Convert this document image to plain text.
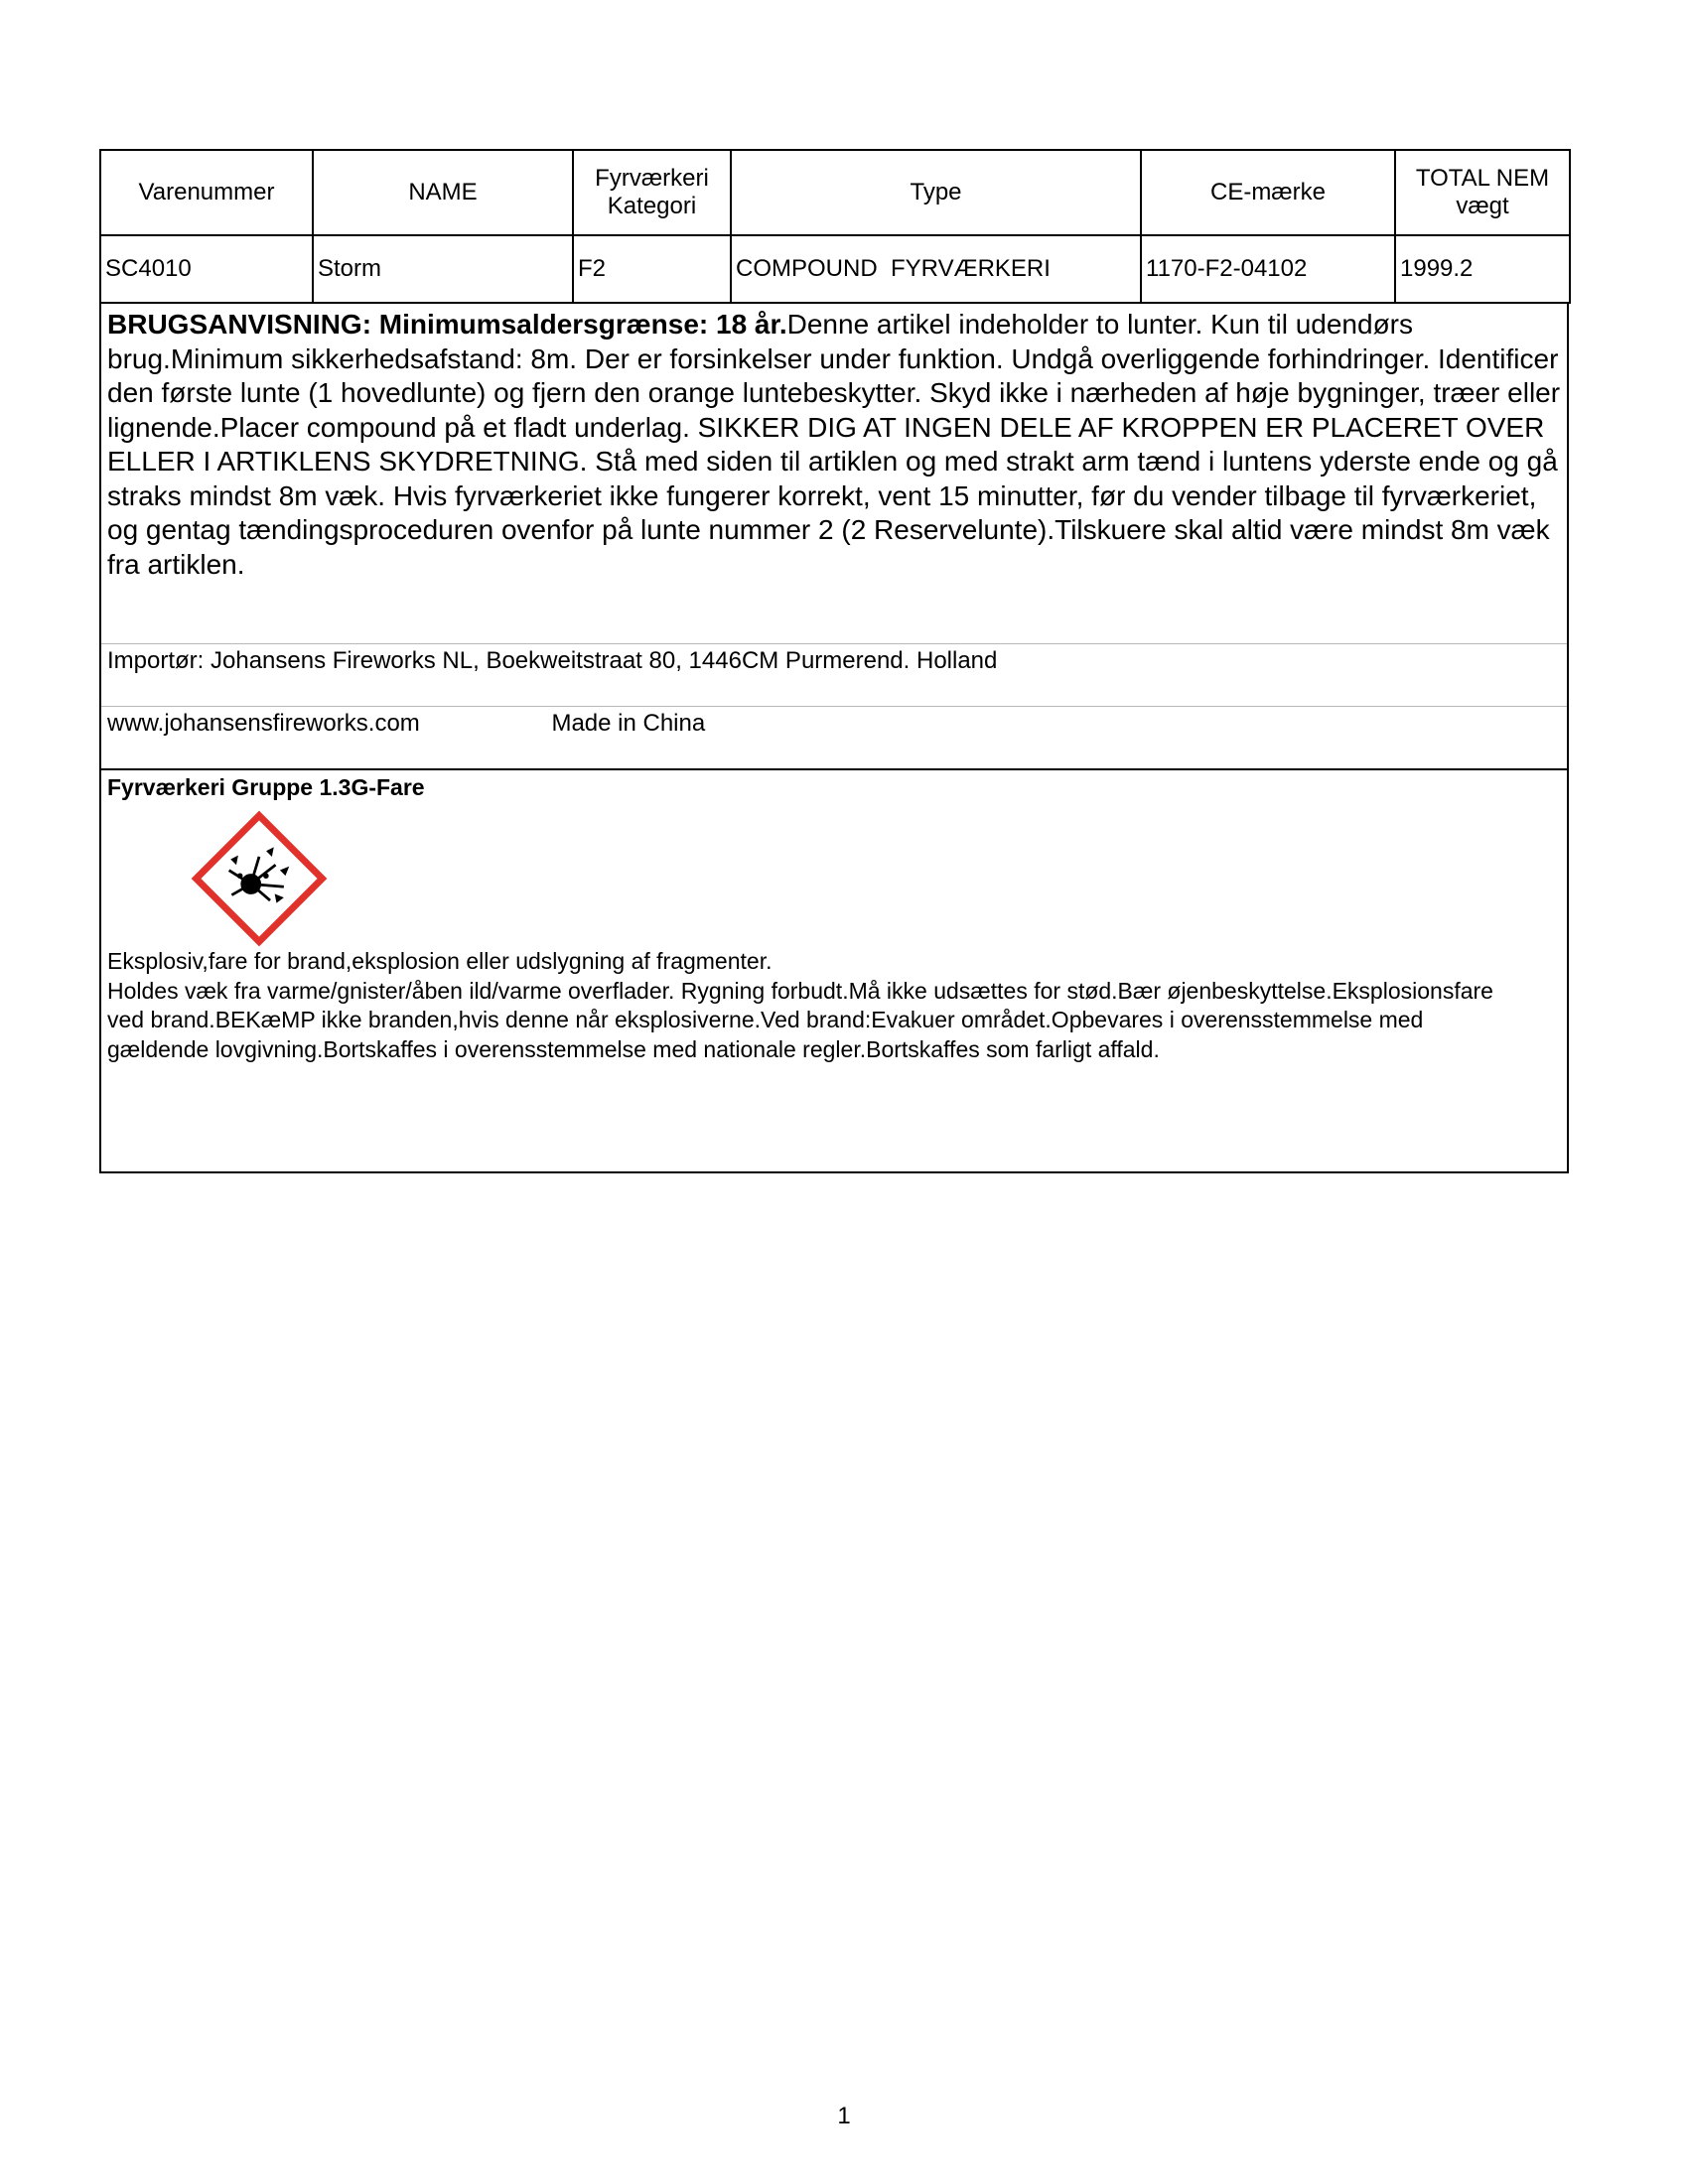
Varenummer	NAME	Fyrværkeri Kategori	Type	CE-mærke	TOTAL NEM vægt
SC4010	Storm	F2	COMPOUND  FYRVÆRKERI	1170-F2-04102	1999.2
BRUGSANVISNING: Minimumsaldersgrænse: 18 år.Denne artikel indeholder to lunter. Kun til udendørs brug.Minimum sikkerhedsafstand: 8m. Der er forsinkelser under funktion. Undgå overliggende forhindringer. Identificer den første lunte (1 hovedlunte) og fjern den orange luntebeskytter. Skyd ikke i nærheden af høje bygninger, træer eller lignende.Placer compound på et fladt underlag. SIKKER DIG AT INGEN DELE AF KROPPEN ER PLACERET OVER ELLER I ARTIKLENS SKYDRETNING. Stå med siden til artiklen og med strakt arm tænd i luntens yderste ende og gå straks mindst 8m væk. Hvis fyrværkeriet ikke fungerer korrekt, vent 15 minutter, før du vender tilbage til fyrværkeriet, og gentag tændingsproceduren ovenfor på lunte nummer 2 (2 Reservelunte).Tilskuere skal altid være mindst 8m væk fra artiklen.
Importør: Johansens Fireworks NL, Boekweitstraat 80, 1446CM Purmerend. Holland
www.johansensfireworks.com	Made in China
Fyrværkeri Gruppe 1.3G-Fare
Eksplosiv,fare for brand,eksplosion eller udslygning af fragmenter.
Holdes væk fra varme/gnister/åben ild/varme overflader. Rygning forbudt.Må ikke udsættes for stød.Bær øjenbeskyttelse.Eksplosionsfare ved brand.BEKæMP ikke branden,hvis denne når eksplosiverne.Ved brand:Evakuer området.Opbevares i overensstemmelse med gældende lovgivning.Bortskaffes i overensstemmelse med nationale regler.Bortskaffes som farligt affald.
1
